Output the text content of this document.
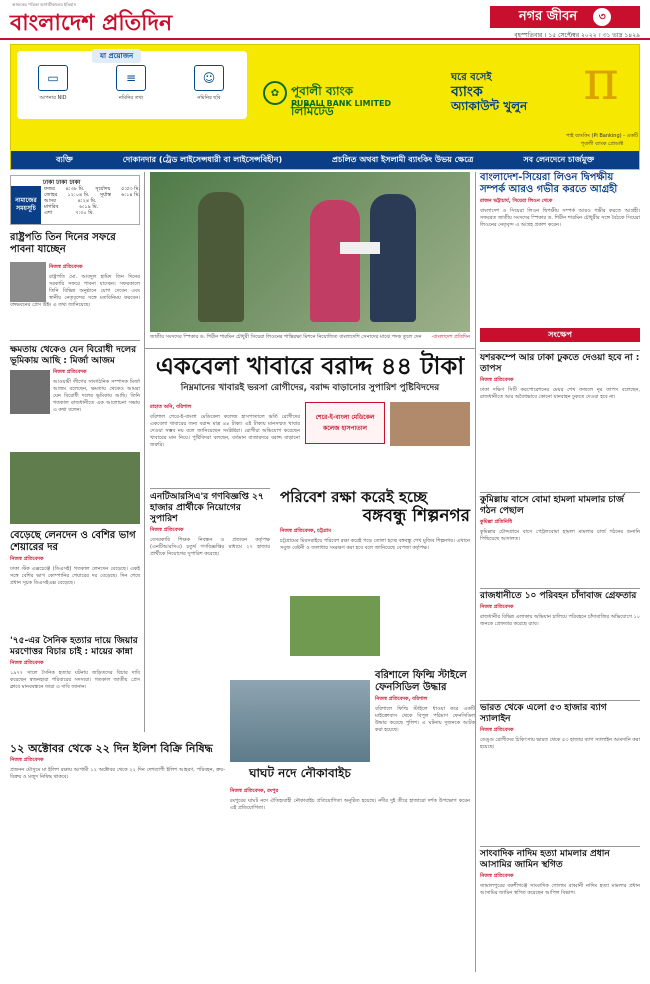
আজকের পত্রিকা আগামীকালের ইতিহাস
বাংলাদেশ প্রতিদিন	নগর জীবন	৩
বৃহস্পতিবার । ১৫ সেপ্টেম্বর ২০২২ । ৩১ ভাদ্র ১৪২৯
যা প্রয়োজন
▭
আপনার NID
≡
নমিনির তথ্য
☺
নমিনির ছবি	✿ পূবালী ব্যাংক লিমিটেড
PUBALI BANK LIMITED
ঘরে বসেই
ব্যাংক
অ্যাকাউন্ট খুলুন	π
পাই ব্যাংকিং (Pi Banking) - একটি পূবালী ব্যাংক প্রোডাক্ট
ব্যক্তি	দোকানদার (ট্রেড লাইসেন্সধারী বা লাইসেন্সবিহীন)	প্রচলিত অথবা ইসলামী ব্যাংকিং উভয় ক্ষেত্রে	সব লেনদেনে চার্জমুক্ত
ঢাকা ঢাকা ঢাকা
নামাজের সময়সূচি
ফজর ৪:৩৮ মি. সূর্যোদয় ৫:৫৩ মি.
জোহর ১২:০৪ মি. সূর্যাস্ত ৬:১৪ মি.
আসর	৪:২৪ মি.
মাগরিব	৬:১৯ মি.
এশা	৭:৩০ মি.
রাষ্ট্রপতি তিন দিনের সফরে পাবনা যাচ্ছেন
নিজস্ব প্রতিবেদক
রাষ্ট্রপতি মো. আবদুল হামিদ তিন দিনের সরকারি সফরে পাবনা যাচ্ছেন। সফরকালে তিনি বিভিন্ন অনুষ্ঠানে যোগ দেবেন এবং স্থানীয় নেতৃবৃন্দের সঙ্গে মতবিনিময় করবেন। বঙ্গভবনের প্রেস উইং এ তথ্য জানিয়েছে।
ক্ষমতায় থেকেও যেন বিরোধী দলের ভূমিকায় আছি : মির্জা আজম
নিজস্ব প্রতিবেদক
আওয়ামী লীগের সাংগঠনিক সম্পাদক মির্জা আজম বলেছেন, ক্ষমতায় থেকেও আমরা যেন বিরোধী দলের ভূমিকায় আছি। তিনি গতকাল রাজধানীতে এক আলোচনা সভায় এ কথা বলেন।
বেড়েছে লেনদেন ও বেশির ভাগ শেয়ারের দর
নিজস্ব প্রতিবেদক
ঢাকা স্টক এক্সচেঞ্জে (ডিএসই) গতকাল লেনদেন বেড়েছে। একই সঙ্গে বেশির ভাগ কোম্পানির শেয়ারের দর বেড়েছে। দিন শেষে প্রধান সূচক ডিএসইএক্স বেড়েছে।
'৭৫-এর সৈনিক হত্যার দায়ে জিয়ার মরণোত্তর বিচার চাই : মায়ের কান্না
নিজস্ব প্রতিবেদক
১৯৭৭ সালে সৈনিক হত্যার ঘটনায় জড়িতদের বিচার দাবি করেছেন স্বজনহারা পরিবারের সদস্যরা। গতকাল জাতীয় প্রেস ক্লাবে মানববন্ধনে তারা এ দাবি জানান।
১২ অক্টোবর থেকে ২২ দিন ইলিশ বিক্রি নিষিদ্ধ
নিজস্ব প্রতিবেদক
প্রজনন মৌসুমে মা ইলিশ রক্ষায় আগামী ১২ অক্টোবর থেকে ২২ দিন দেশব্যাপী ইলিশ আহরণ, পরিবহন, ক্রয়-বিক্রয় ও মজুদ নিষিদ্ধ থাকবে।
জাতীয় সংসদের স্পিকার ড. শিরীন শারমিন চৌধুরী সিয়েরা লিওনের শান্তিরক্ষা মিশনে নিয়োজিত বাংলাদেশি সেনাদের মাঝে পদক তুলে দেন -বাংলাদেশ প্রতিদিন
বাংলাদেশ-সিয়েরা লিওন দ্বিপক্ষীয় সম্পর্ক আরও গভীর করতে আগ্রহী
রাজন ভট্টাচার্য, সিয়েরা লিওন থেকে
বাংলাদেশ ও সিয়েরা লিওন দ্বিপক্ষীয় সম্পর্ক আরও গভীর করতে আগ্রহী। সফররত জাতীয় সংসদের স্পিকার ড. শিরীন শারমিন চৌধুরীর সঙ্গে বৈঠকে সিয়েরা লিওনের নেতৃবৃন্দ এ আগ্রহ প্রকাশ করেন।
একবেলা খাবারে বরাদ্দ ৪৪ টাকা
নিম্নমানের খাবারই ভরসা রোগীদের, বরাদ্দ বাড়ানোর সুপারিশ পুষ্টিবিদদের
রাহাত অনি, বরিশাল
বরিশাল শেরে-ই-বাংলা মেডিকেল কলেজ হাসপাতালে ভর্তি রোগীদের একবেলা খাবারের জন্য বরাদ্দ মাত্র ৪৪ টাকা। এই টাকায় মানসম্মত খাবার দেওয়া সম্ভব নয় বলে জানিয়েছেন সংশ্লিষ্টরা। রোগীরা অভিযোগ করেছেন খাবারের মান নিয়ে। পুষ্টিবিদরা বলছেন, বর্তমান বাজারদরে বরাদ্দ বাড়ানো জরুরি।
শেরে-ই-বাংলা মেডিকেল কলেজ হাসপাতাল
এনটিআরসিএ'র গণবিজ্ঞপ্তি ২৭ হাজার প্রার্থীকে নিয়োগের সুপারিশ
নিজস্ব প্রতিবেদক
বেসরকারি শিক্ষক নিবন্ধন ও প্রত্যয়ন কর্তৃপক্ষ (এনটিআরসিএ) চতুর্থ গণবিজ্ঞপ্তির মাধ্যমে ২৭ হাজার প্রার্থীকে নিয়োগের সুপারিশ করেছে।
পরিবেশ রক্ষা করেই হচ্ছে
বঙ্গবন্ধু শিল্পনগর
নিজস্ব প্রতিবেদক, চট্টগ্রাম
চট্টগ্রামের মিরসরাইয়ে পরিবেশ রক্ষা করেই গড়ে তোলা হচ্ছে বঙ্গবন্ধু শেখ মুজিব শিল্পনগর। এখানে সবুজ বেষ্টনী ও জলাধার সংরক্ষণ করা হবে বলে জানিয়েছে বেপজা কর্তৃপক্ষ।
বরিশালে ফিল্মি স্টাইলে ফেনসিডিল উদ্ধার
নিজস্ব প্রতিবেদক, বরিশাল
বরিশালে ফিল্মি স্টাইলে ধাওয়া করে একটি মাইক্রোবাস থেকে বিপুল পরিমাণ ফেনসিডিল উদ্ধার করেছে পুলিশ। এ ঘটনায় দুজনকে আটক করা হয়েছে।
ঘাঘট নদে নৌকাবাইচ
নিজস্ব প্রতিবেদক, রংপুর
রংপুরের ঘাঘট নদে ঐতিহ্যবাহী নৌকাবাইচ প্রতিযোগিতা অনুষ্ঠিত হয়েছে। নদীর দুই তীরে হাজারো দর্শক উপভোগ করেন এই প্রতিযোগিতা।
সংক্ষেপ
যশরকম্পে আর ঢাকা ঢুকতে দেওয়া হবে না : তাপস
নিজস্ব প্রতিবেদক
ঢাকা দক্ষিণ সিটি করপোরেশনের মেয়র শেখ ফজলে নূর তাপস বলেছেন, রাজধানীতে আর অবৈধভাবে কোনো যানবাহন ঢুকতে দেওয়া হবে না।
কুমিল্লায় বাসে বোমা হামলা মামলার চার্জ গঠন পেছাল
কুমিল্লা প্রতিনিধি
কুমিল্লার চৌদ্দগ্রামে বাসে পেট্রলবোমা হামলা মামলার চার্জ গঠনের শুনানি পিছিয়েছে আদালত।
রাজধানীতে ১০ পরিবহন চাঁদাবাজ গ্রেফতার
নিজস্ব প্রতিবেদক
রাজধানীর বিভিন্ন এলাকায় অভিযান চালিয়ে পরিবহনে চাঁদাবাজির অভিযোগে ১০ জনকে গ্রেফতার করেছে র‌্যাব।
ভারত থেকে এলো ৫৩ হাজার ব্যাগ স্যালাইন
নিজস্ব প্রতিবেদক
ডেঙ্গু রোগীদের চিকিৎসায় ভারত থেকে ৫৩ হাজার ব্যাগ স্যালাইন আমদানি করা হয়েছে।
সাংবাদিক নাদিম হত্যা মামলার প্রধান আসামির জামিন স্থগিত
নিজস্ব প্রতিবেদক
জামালপুরের বকশীগঞ্জে সাংবাদিক গোলাম রাব্বানী নাদিম হত্যা মামলার প্রধান আসামির জামিন স্থগিত করেছেন আপিল বিভাগ।
